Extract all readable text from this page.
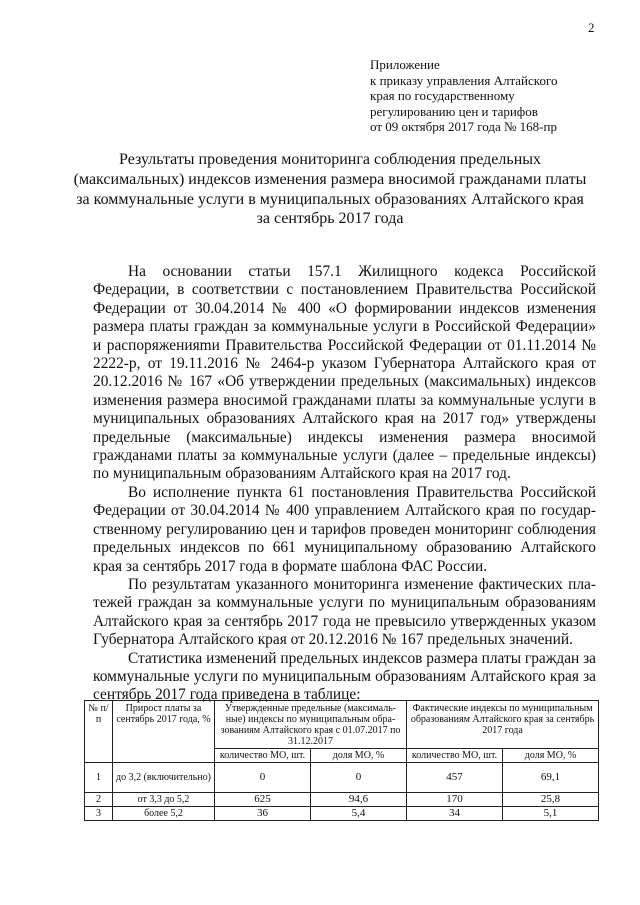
2
Приложение
к приказу управления Алтайского
края по государственному
регулированию цен и тарифов
от 09 октября 2017 года № 168-пр
Результаты проведения мониторинга соблюдения предельных
(максимальных) индексов изменения размера вносимой гражданами платы
за коммунальные услуги в муниципальных образованиях Алтайского края
за сентябрь 2017 года

На основании статьи 157.1 Жилищного кодекса Российской Федерации, в соответствии с постановлением Правительства Российской Федерации от 30.04.2014 № 400 «О формировании индексов изменения размера платы граждан за коммунальные услуги в Российской Федерации» и распоряженияmи Правительства Российской Федерации от 01.11.2014 № 2222-р, от 19.11.2016 № 2464-р указом Губернатора Алтайского края от 20.12.2016 № 167 «Об утверждении предельных (максимальных) индексов изменения размера вносимой гражданами платы за коммунальные услуги в муниципальных образованиях Алтайского края на 2017 год» утверждены предельные (максимальные) индексы изменения размера вносимой гражданами платы за коммунальные услуги (далее – предельные индексы) по муниципальным образованиям Алтайского края на 2017 год.

Во исполнение пункта 61 постановления Правительства Российской Федерации от 30.04.2014 № 400 управлением Алтайского края по государственному регулированию цен и тарифов проведен мониторинг соблюдения предельных индексов по 661 муниципальному образованию Алтайского края за сентябрь 2017 года в формате шаблона ФАС России.

По результатам указанного мониторинга изменение фактических платежей граждан за коммунальные услуги по муниципальным образованиям Алтайского края за сентябрь 2017 года не превысило утвержденных указом Губернатора Алтайского края от 20.12.2016 № 167 предельных значений.

Статистика изменений предельных индексов размера платы граждан за коммунальные услуги по муниципальным образованиям Алтайского края за сентябрь 2017 года приведена в таблице:

№ п/п	Прирост платы за сентябрь 2017 года, %	Утвержденные предельные (максимальные) индексы по муниципальным образованиям Алтайского края с 01.07.2017 по 31.12.2017		Фактические индексы по муниципальным образованиям Алтайского края за сентябрь 2017 года	
		количество МО, шт.	доля МО, %	количество МО, шт.	доля МО, %
1	до 3,2 (включительно)	0	0	457	69,1
2	от 3,3 до 5,2	625	94,6	170	25,8
3	более 5,2	36	5,4	34	5,1
